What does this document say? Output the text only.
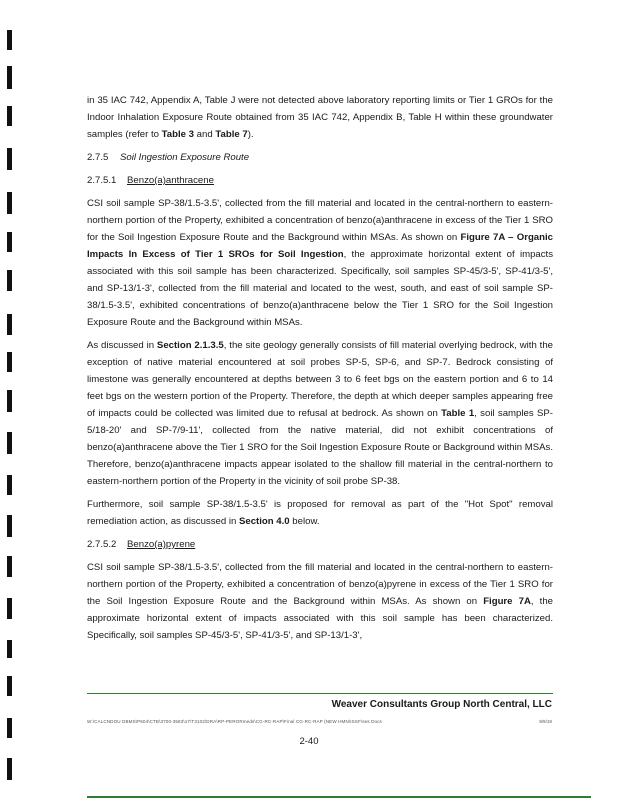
in 35 IAC 742, Appendix A, Table J were not detected above laboratory reporting limits or Tier 1 GROs for the Indoor Inhalation Exposure Route obtained from 35 IAC 742, Appendix B, Table H within these groundwater samples (refer to Table 3 and Table 7).

2.7.5 Soil Ingestion Exposure Route
2.7.5.1 Benzo(a)anthracene

CSI soil sample SP-38/1.5-3.5', collected from the fill material and located in the central-northern to eastern-northern portion of the Property, exhibited a concentration of benzo(a)anthracene in excess of the Tier 1 SRO for the Soil Ingestion Exposure Route and the Background within MSAs. As shown on Figure 7A – Organic Impacts In Excess of Tier 1 SROs for Soil Ingestion, the approximate horizontal extent of impacts associated with this soil sample has been characterized. Specifically, soil samples SP-45/3-5', SP-41/3-5', and SP-13/1-3', collected from the fill material and located to the west, south, and east of soil sample SP-38/1.5-3.5', exhibited concentrations of benzo(a)anthracene below the Tier 1 SRO for the Soil Ingestion Exposure Route and the Background within MSAs.

As discussed in Section 2.1.3.5, the site geology generally consists of fill material overlying bedrock, with the exception of native material encountered at soil probes SP-5, SP-6, and SP-7. Bedrock consisting of limestone was generally encountered at depths between 3 to 6 feet bgs on the eastern portion and 6 to 14 feet bgs on the western portion of the Property. Therefore, the depth at which deeper samples appearing free of impacts could be collected was limited due to refusal at bedrock. As shown on Table 1, soil samples SP-5/18-20' and SP-7/9-11', collected from the native material, did not exhibit concentrations of benzo(a)anthracene above the Tier 1 SRO for the Soil Ingestion Exposure Route or Background within MSAs. Therefore, benzo(a)anthracene impacts appear isolated to the shallow fill material in the central-northern to eastern-northern portion of the Property in the vicinity of soil probe SP-38.

Furthermore, soil sample SP-38/1.5-3.5' is proposed for removal as part of the "Hot Spot" removal remediation action, as discussed in Section 4.0 below.

2.7.5.2 Benzo(a)pyrene

CSI soil sample SP-38/1.5-3.5', collected from the fill material and located in the central-northern to eastern-northern portion of the Property, exhibited a concentration of benzo(a)pyrene in excess of the Tier 1 SRO for the Soil Ingestion Exposure Route and the Background within MSAs. As shown on Figure 7A, the approximate horizontal extent of impacts associated with this soil sample has been characterized. Specifically, soil samples SP-45/3-5', SP-41/3-5', and SP-13/1-3',

Weaver Consultants Group North Central, LLC
W:\CALCNDOU DBMS\P604\CTB\3700-3583\17\T3102\DRA\RP-PERORmeds\CG-RC-RAP\Final CG-RC-RAP (NEW HMN\ISSF\ses Docs	9/9/19
2-40
